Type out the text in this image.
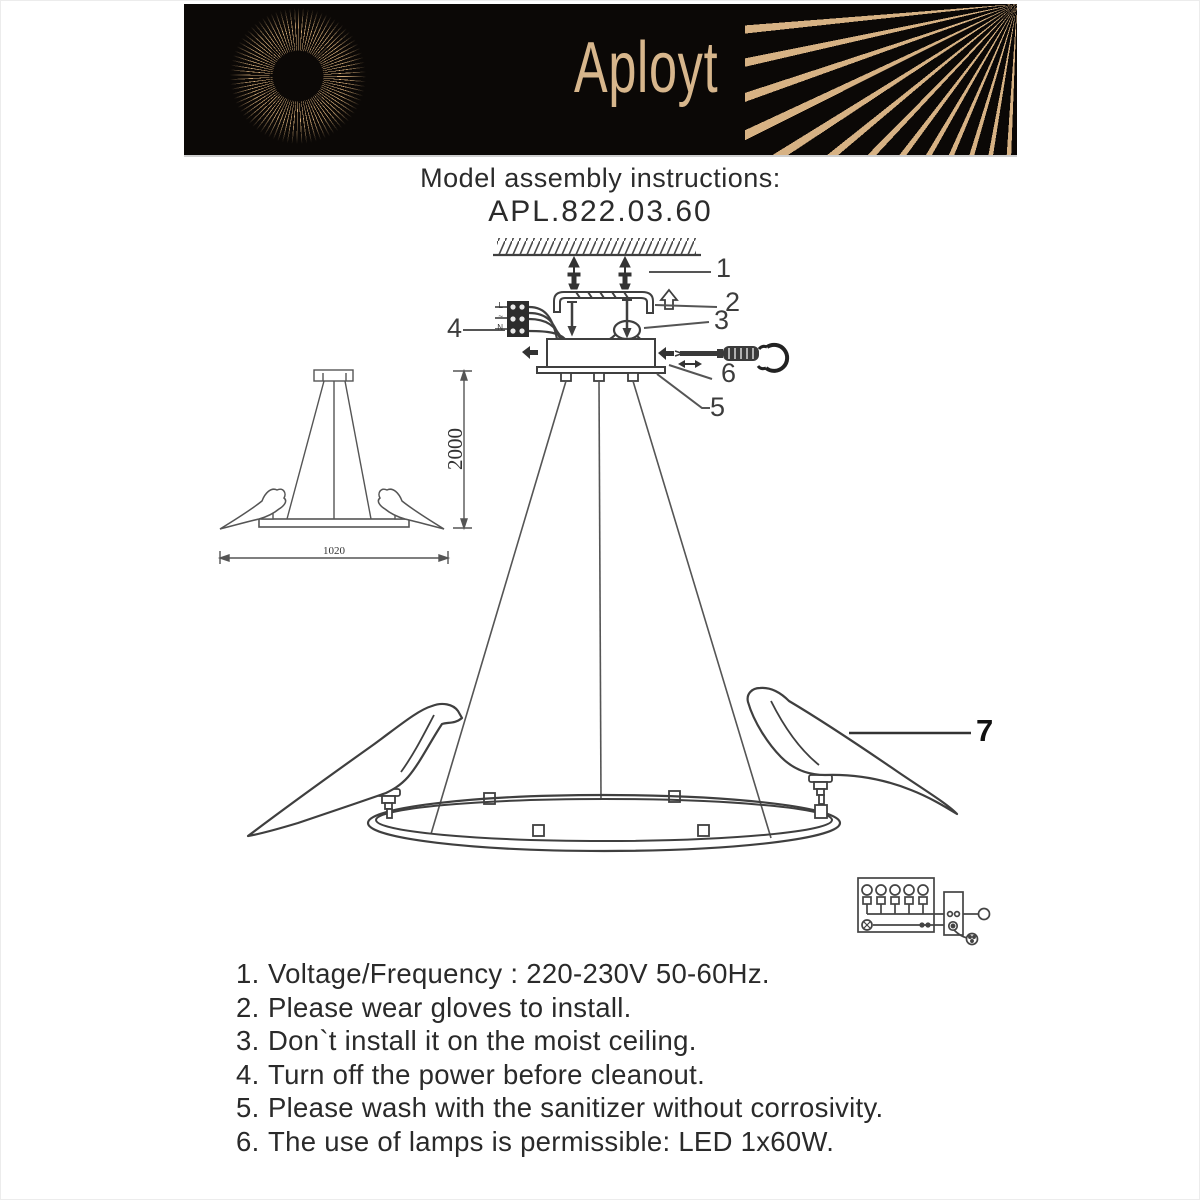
Aployt
Model assembly instructions:
APL.822.03.60
1
2
3
4
5
6
7
L
~
N
2000
1020
1. Voltage/Frequency : 220-230V 50-60Hz.
2. Please wear gloves to install.
3. Don`t install it on the moist ceiling.
4. Turn off the power before cleanout.
5. Please wash with the sanitizer without corrosivity.
6. The use of lamps is permissible: LED 1x60W.
